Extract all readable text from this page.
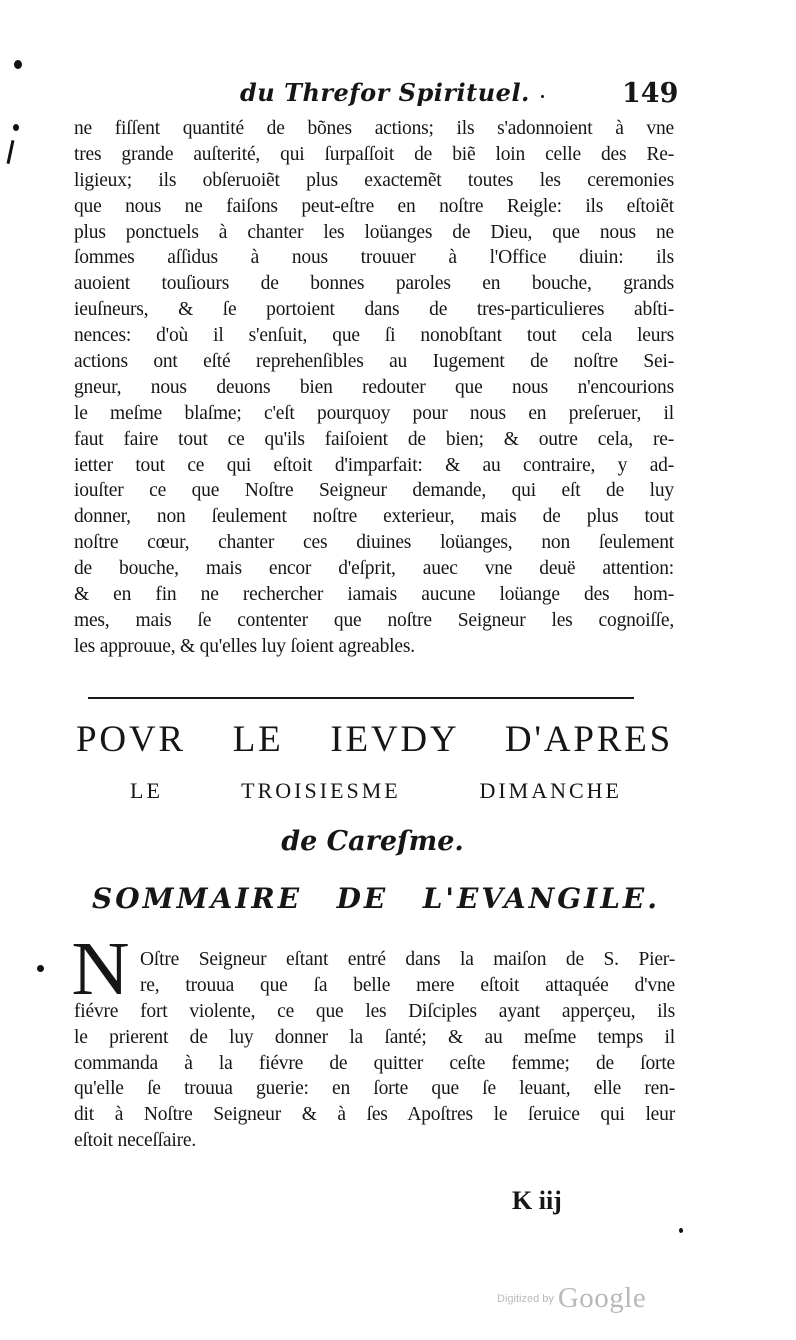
du Threfor Spirituel.	149
ne fiſſent quantité de bõnes actions; ils s'adonnoient à vne
tres grande auſterité, qui ſurpaſſoit de biẽ loin celle des Re-
ligieux; ils obſeruoiẽt plus exactemẽt toutes les ceremonies
que nous ne faiſons peut-eſtre en noſtre Reigle: ils eſtoiẽt
plus ponctuels à chanter les loüanges de Dieu, que nous ne
ſommes aſſidus à nous trouuer à l'Office diuin: ils
auoient touſiours de bonnes paroles en bouche, grands
ieuſneurs, & ſe portoient dans de tres-particulieres abſti-
nences: d'où il s'enſuit, que ſi nonobſtant tout cela leurs
actions ont eſté reprehenſibles au Iugement de noſtre Sei-
gneur, nous deuons bien redouter que nous n'encourions
le meſme blaſme; c'eſt pourquoy pour nous en preſeruer, il
faut faire tout ce qu'ils faiſoient de bien; & outre cela, re-
ietter tout ce qui eſtoit d'imparfait: & au contraire, y ad-
iouſter ce que Noſtre Seigneur demande, qui eſt de luy
donner, non ſeulement noſtre exterieur, mais de plus tout
noſtre cœur, chanter ces diuines loüanges, non ſeulement
de bouche, mais encor d'eſprit, auec vne deuë attention:
& en fin ne rechercher iamais aucune loüange des hom-
mes, mais ſe contenter que noſtre Seigneur les cognoiſſe,
les approuue, & qu'elles luy ſoient agreables.
POVR LE IEVDY D'APRES
LE TROISIESME DIMANCHE
de Careſme.
SOMMAIRE DE L'EVANGILE.
N Oſtre Seigneur eſtant entré dans la maiſon de S. Pier-
re, trouua que ſa belle mere eſtoit attaquée d'vne
fiévre fort violente, ce que les Diſciples ayant apperçeu, ils
le prierent de luy donner la ſanté; & au meſme temps il
commanda à la fiévre de quitter ceſte femme; de ſorte
qu'elle ſe trouua guerie: en ſorte que ſe leuant, elle ren-
dit à Noſtre Seigneur & à ſes Apoſtres le ſeruice qui leur
eſtoit neceſſaire.
K iij
Digitized by Google
